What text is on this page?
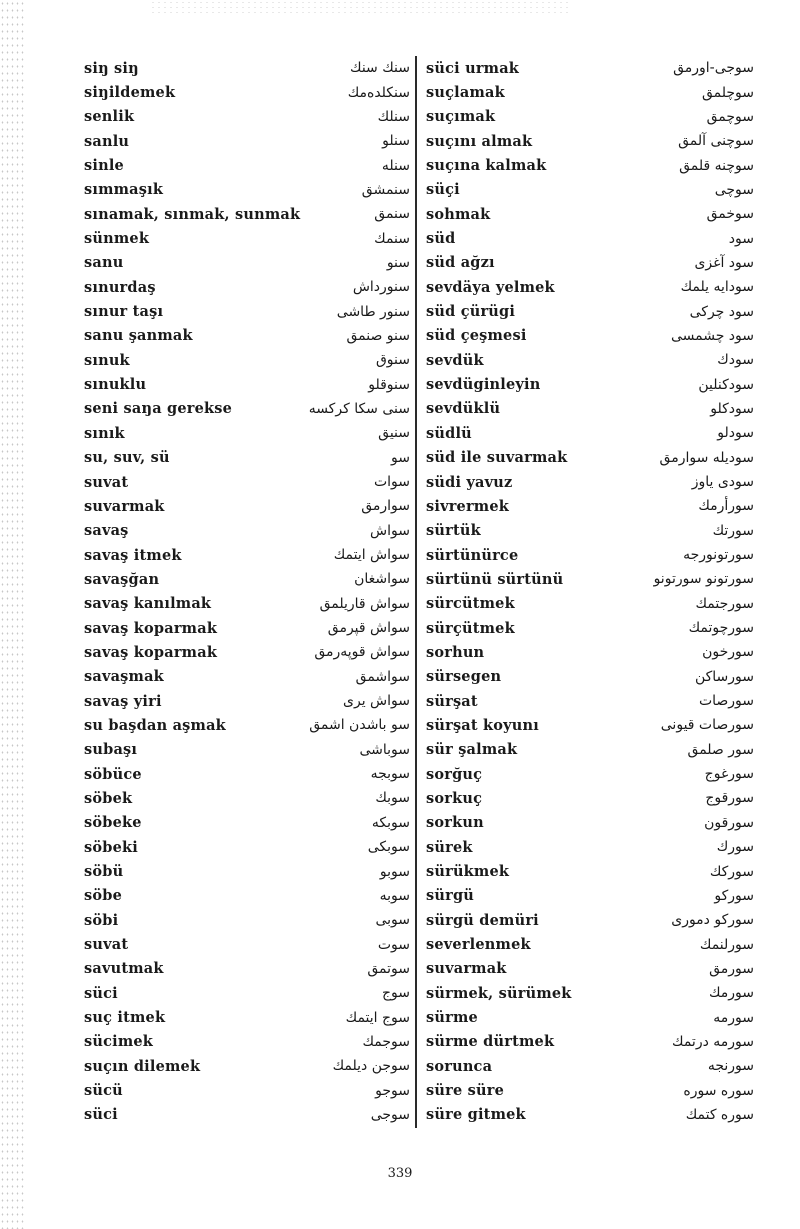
siŋ siŋ	سنك سنك
siŋildemek	سنكلدەمك
senlik	سنلك
sanlu	سنلو
sinle	سنله
sımmaşık	سنمشق
sınamak, sınmak, sunmak	سنمق
sünmek	سنمك
sanu	سنو
sınurdaş	سنورداش
sınur taşı	سنور طاشی
sanu şanmak	سنو صنمق
sınuk	سنوق
sınuklu	سنوقلو
seni saŋa gerekse	سنی سكا كركسه
sınık	سنیق
su, suv, sü	سو
suvat	سوات
suvarmak	سوارمق
savaş	سواش
savaş itmek	سواش ایتمك
savaşğan	سواشغان
savaş kanılmak	سواش قاریلمق
savaş koparmak	سواش قپرمق
savaş koparmak	سواش قوپەرمق
savaşmak	سواشمق
savaş yiri	سواش یری
su başdan aşmak	سو باشدن اشمق
subaşı	سوباشی
söbüce	سوبجه
söbek	سوبك
söbeke	سوبكه
söbeki	سوبكی
söbü	سوبو
söbe	سوبه
söbi	سوبی
suvat	سوت
savutmak	سوتمق
süci	سوج
suç itmek	سوج ایتمك
sücimek	سوجمك
suçın dilemek	سوجن دیلمك
sücü	سوجو
süci	سوجی
süci urmak	سوجی-اورمق
suçlamak	سوچلمق
suçımak	سوچمق
suçını almak	سوچنی آلمق
suçına kalmak	سوچنه قلمق
süçi	سوچی
sohmak	سوخمق
süd	سود
süd ağzı	سود آغزی
sevdäya yelmek	سودایه یلمك
süd çürügi	سود چرکی
süd çeşmesi	سود چشمسی
sevdük	سودك
sevdüginleyin	سودكنلین
sevdüklü	سودكلو
südlü	سودلو
süd ile suvarmak	سودیله سوارمق
südi yavuz	سودی یاوز
sivrermek	سورأرمك
sürtük	سورتك
sürtünürce	سورتونورجه
sürtünü sürtünü	سورتونو سورتونو
sürcütmek	سورجتمك
sürçütmek	سورچوتمك
sorhun	سورخون
sürsegen	سورساكن
sürşat	سورصات
sürşat koyunı	سورصات قیونی
sür şalmak	سور صلمق
sorğuç	سورغوج
sorkuç	سورقوج
sorkun	سورقون
sürek	سورك
sürükmek	سوركك
sürgü	سوركو
sürgü demüri	سوركو دموری
severlenmek	سورلنمك
suvarmak	سورمق
sürmek, sürümek	سورمك
sürme	سورمه
sürme dürtmek	سورمه درتمك
soruncа	سورنجه
süre süre	سوره سوره
süre gitmek	سوره كتمك
339
